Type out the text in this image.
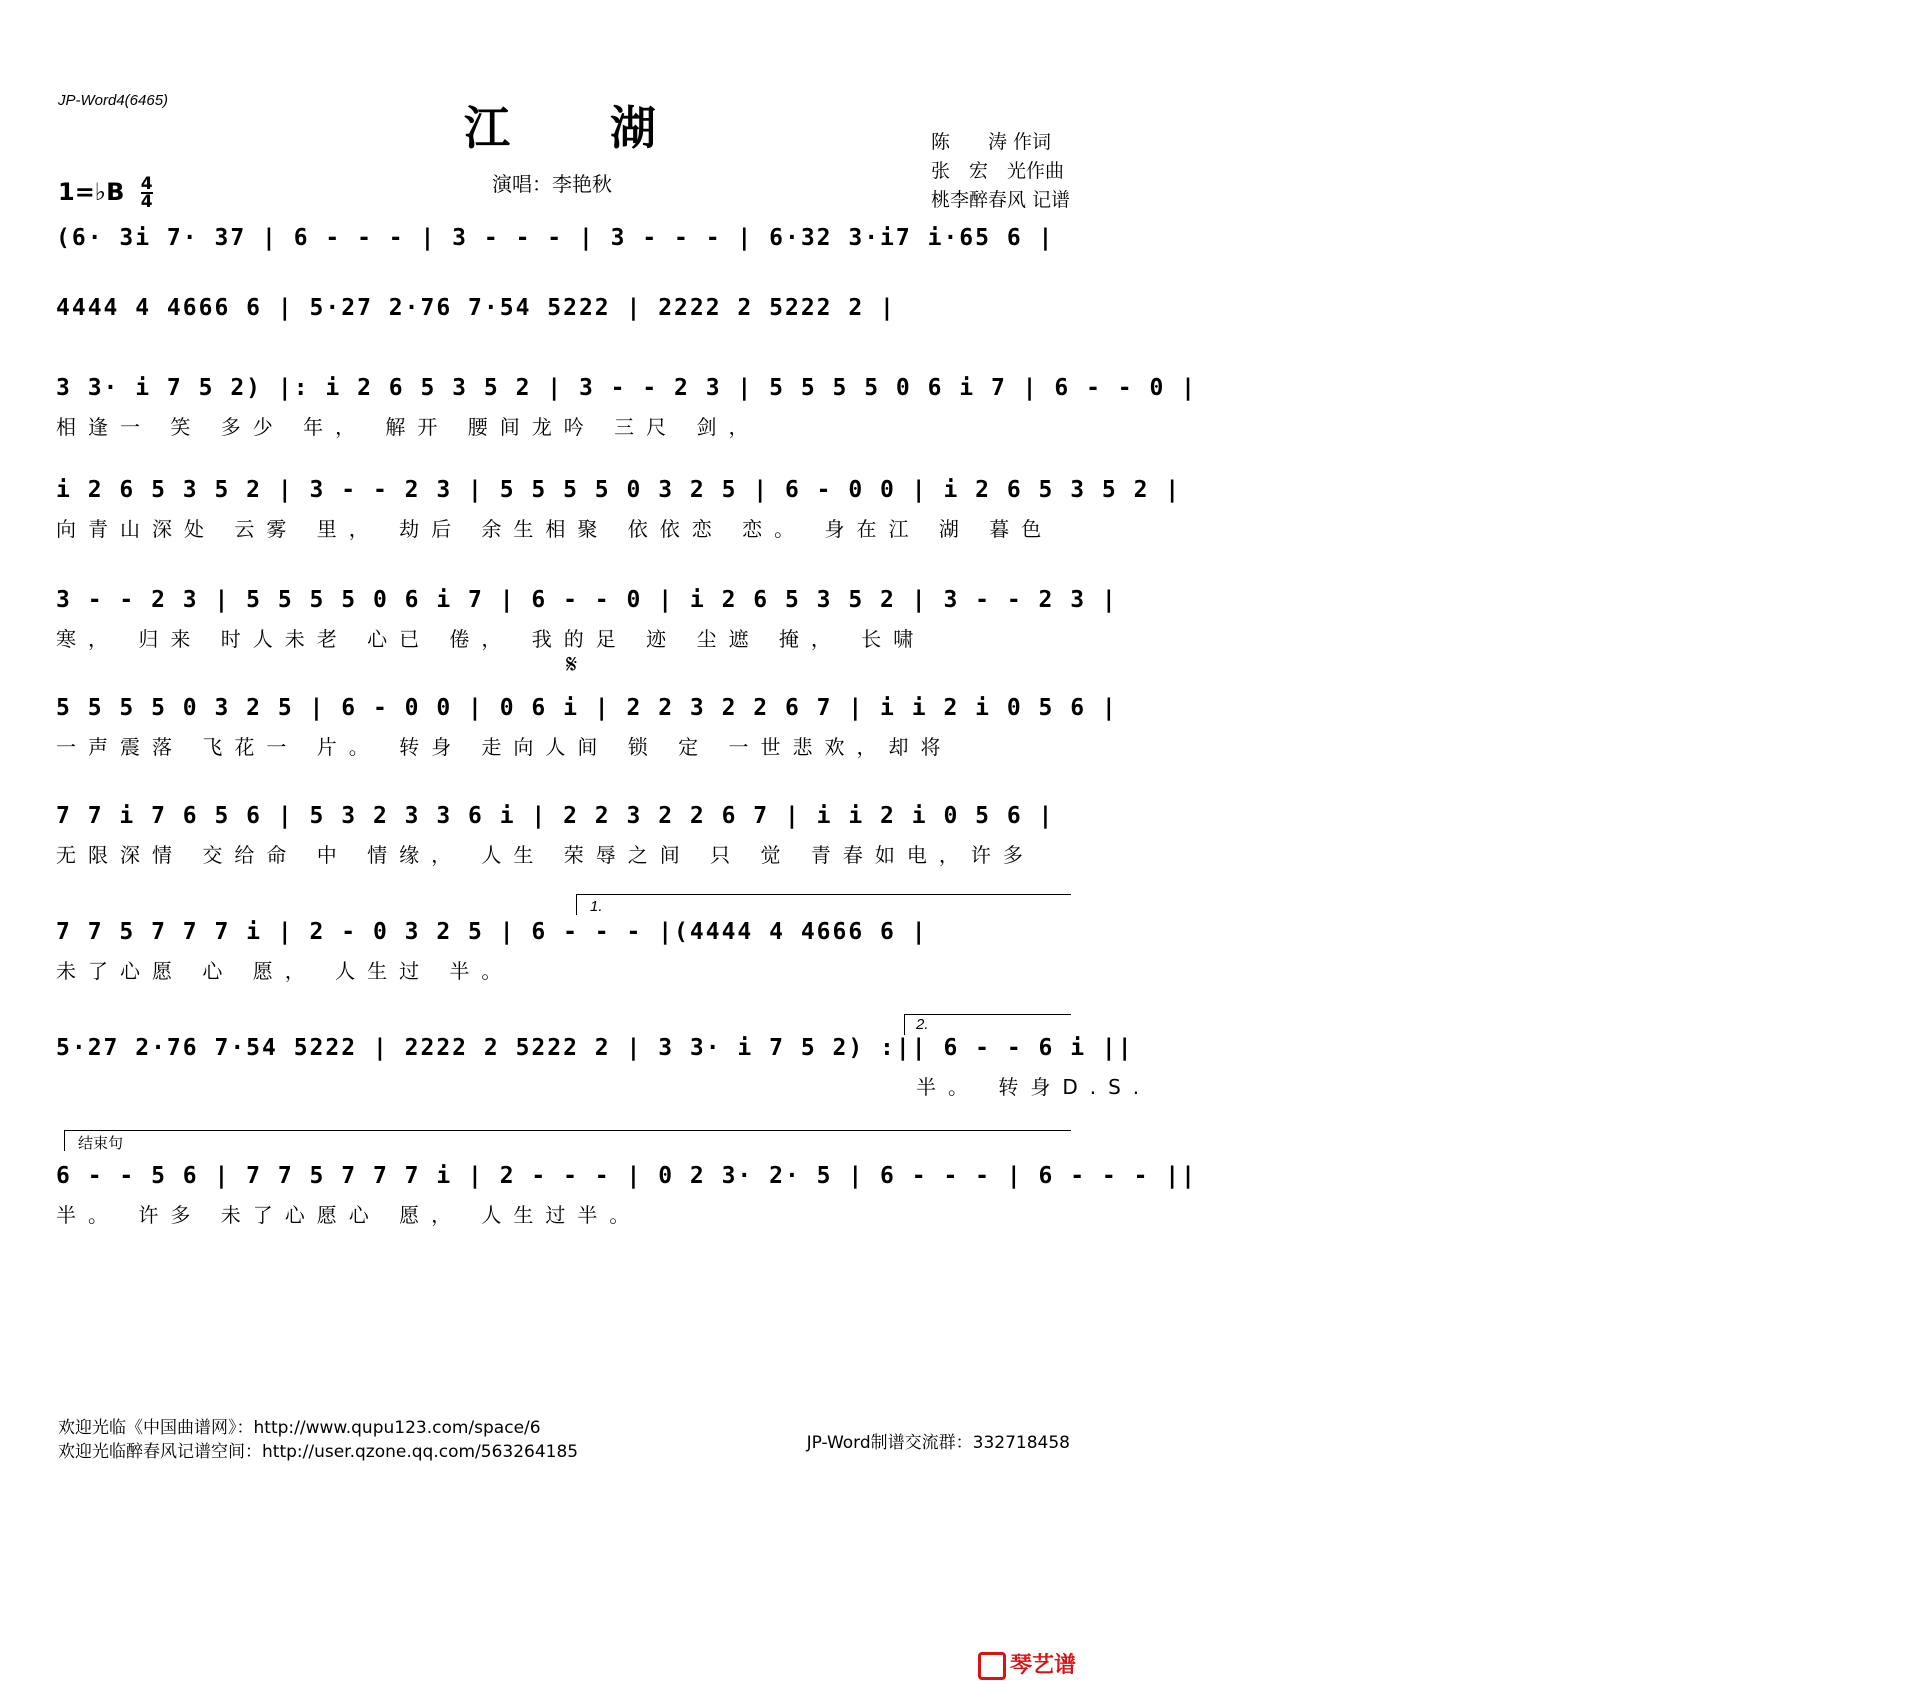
JP-Word4(6465)
江湖
演唱：李艳秋
陈　　涛 作词
张　宏　光作曲
桃李醉春风 记谱
1=♭B $\frac{4}{4}$
(6· 3i 7· 37 | 6 - - - | 3 - - - | 3 - - - | 6·32 3·i7 i·65 6 |
4444 4 4666 6 | 5·27 2·76 7·54 5222 | 2222 2 5222 2 |
3 3· i 7 5 2) |: i 2 6 5 3 5 2 | 3 - - 2 3 | 5 5 5 5 0 6 i 7 | 6 - - 0 |
相逢一 笑 多少 年， 解开 腰间龙吟 三尺 剑，
i 2 6 5 3 5 2 | 3 - - 2 3 | 5 5 5 5 0 3 2 5 | 6 - 0 0 | i 2 6 5 3 5 2 |
向青山深处 云雾 里， 劫后 余生相聚 依依恋 恋。 身在江 湖 暮色
3 - - 2 3 | 5 5 5 5 0 6 i 7 | 6 - - 0 | i 2 6 5 3 5 2 | 3 - - 2 3 |
寒， 归来 时人未老 心已 倦， 我的足 迹 尘遮 掩， 长啸
𝄋
5 5 5 5 0 3 2 5 | 6 - 0 0 | 0 6 i | 2 2 3 2 2 6 7 | i i 2 i 0 5 6 |
一声震落 飞花一 片。 转身 走向人间 锁 定 一世悲欢，却将
7 7 i 7 6 5 6 | 5 3 2 3 3 6 i | 2 2 3 2 2 6 7 | i i 2 i 0 5 6 |
无限深情 交给命 中 情缘， 人生 荣辱之间 只 觉 青春如电，许多
1.
7 7 5 7 7 7 i | 2 - 0 3 2 5 | 6 - - - |(4444 4 4666 6 |
未了心愿 心 愿， 人生过 半。
2.
5·27 2·76 7·54 5222 | 2222 2 5222 2 | 3 3· i 7 5 2) :|| 6 - - 6 i ||
半。 转身D.S.
结束句
6 - - 5 6 | 7 7 5 7 7 7 i | 2 - - - | 0 2 3· 2· 5 | 6 - - - | 6 - - - ||
半。 许多 未了心愿心 愿， 人生过半。
欢迎光临《中国曲谱网》：http://www.qupu123.com/space/6
欢迎光临醉春风记谱空间：http://user.qzone.qq.com/563264185	JP-Word制谱交流群：332718458
琴艺谱
